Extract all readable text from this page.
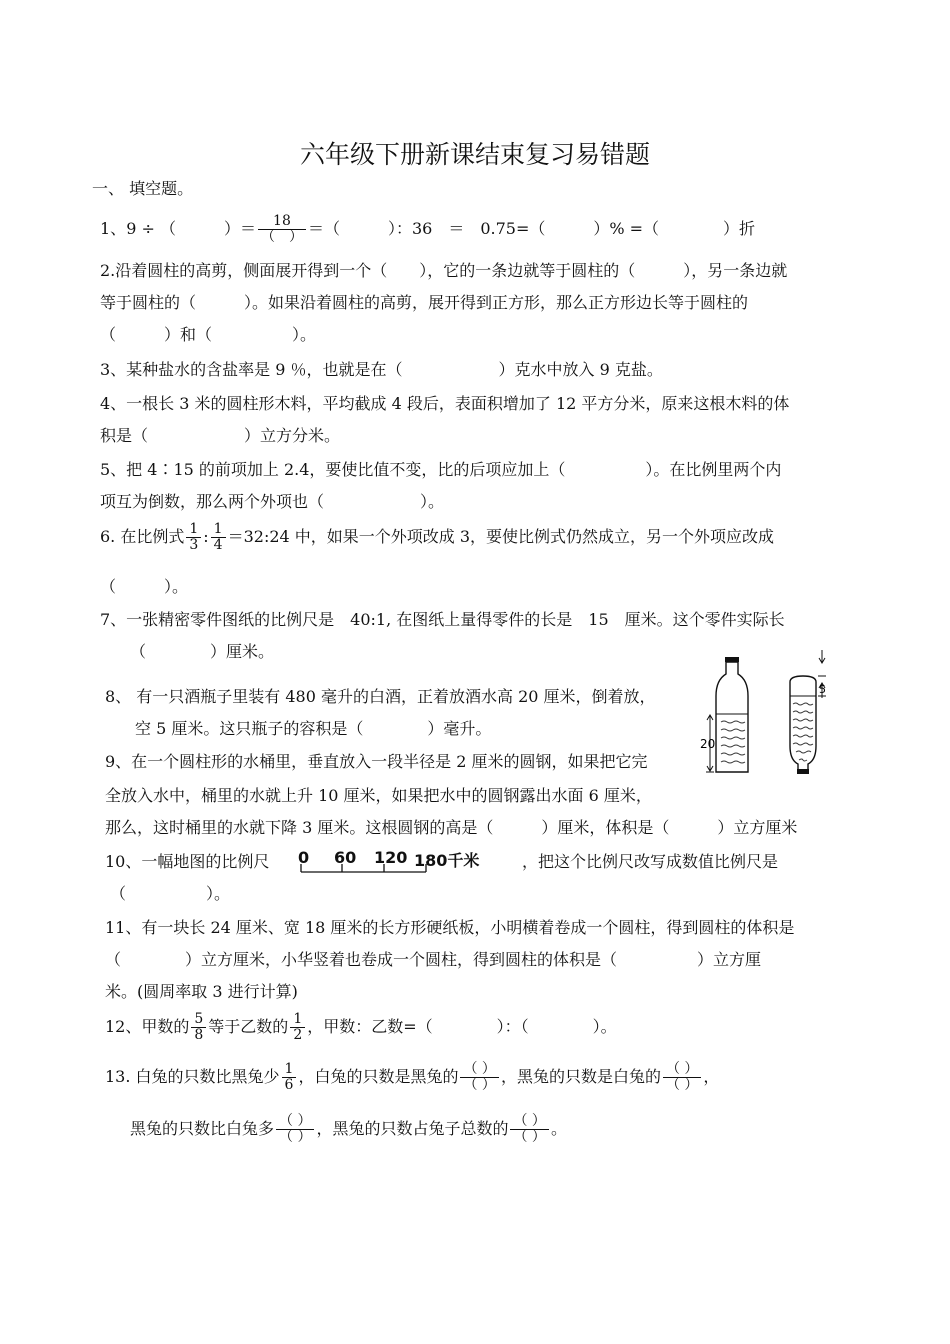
六年级下册新课结束复习易错题
一、 填空题。
1、9 ÷ （　　　）＝ $\frac{18}{( )}$ ＝（　　　）：36　＝　0.75=（　　　）% =（　　　　）折
2.沿着圆柱的高剪，侧面展开得到一个（　　），它的一条边就等于圆柱的（　　　），另一条边就
等于圆柱的（　　　）。如果沿着圆柱的高剪，展开得到正方形，那么正方形边长等于圆柱的
（　　　）和（　　　　　）。
3、某种盐水的含盐率是 9 ％，也就是在（　　　　　　）克水中放入 9 克盐。
4、一根长 3 米的圆柱形木料，平均截成 4 段后，表面积增加了 12 平方分米，原来这根木料的体
积是（　　　　　　）立方分米。
5、把 4∶15 的前项加上 2.4，要使比值不变，比的后项应加上（　　　　　）。在比例里两个内
项互为倒数，那么两个外项也（　　　　　　）。
6. 在比例式 $\frac{1}{3}$ : $\frac{1}{4}$ ＝32:24 中，如果一个外项改成 3，要使比例式仍然成立，另一个外项应改成
（　　　）。
7、一张精密零件图纸的比例尺是　40:1, 在图纸上量得零件的长是　15　厘米。这个零件实际长
（　　　　）厘米。
8、 有一只酒瓶子里装有 480 毫升的白酒，正着放酒水高 20 厘米，倒着放，
空 5 厘米。这只瓶子的容积是（　　　　）毫升。
20
5
9、在一个圆柱形的水桶里，垂直放入一段半径是 2 厘米的圆钢，如果把它完
全放入水中，桶里的水就上升 10 厘米，如果把水中的圆钢露出水面 6 厘米，
那么，这时桶里的水就下降 3 厘米。这根圆钢的高是（　　　）厘米，体积是（　　　）立方厘米
10、一幅地图的比例尺 0 60 120 180千米	，把这个比例尺改写成数值比例尺是
（　　　　　）。
11、有一块长 24 厘米、宽 18 厘米的长方形硬纸板，小明横着卷成一个圆柱，得到圆柱的体积是
（　　　　）立方厘米，小华竖着也卷成一个圆柱，得到圆柱的体积是（　　　　　）立方厘
米。(圆周率取 3 进行计算)
12、甲数的 $\frac{5}{8}$ 等于乙数的 $\frac{1}{2}$ ，甲数：乙数=（　　　　）：（　　　　）。
13. 白兔的只数比黑兔少 $\frac{1}{6}$ ，白兔的只数是黑兔的 $\frac{( )}{( )}$ ，黑兔的只数是白兔的 $\frac{( )}{( )}$ ，
黑兔的只数比白兔多 $\frac{( )}{( )}$ ，黑兔的只数占兔子总数的 $\frac{( )}{( )}$ 。
